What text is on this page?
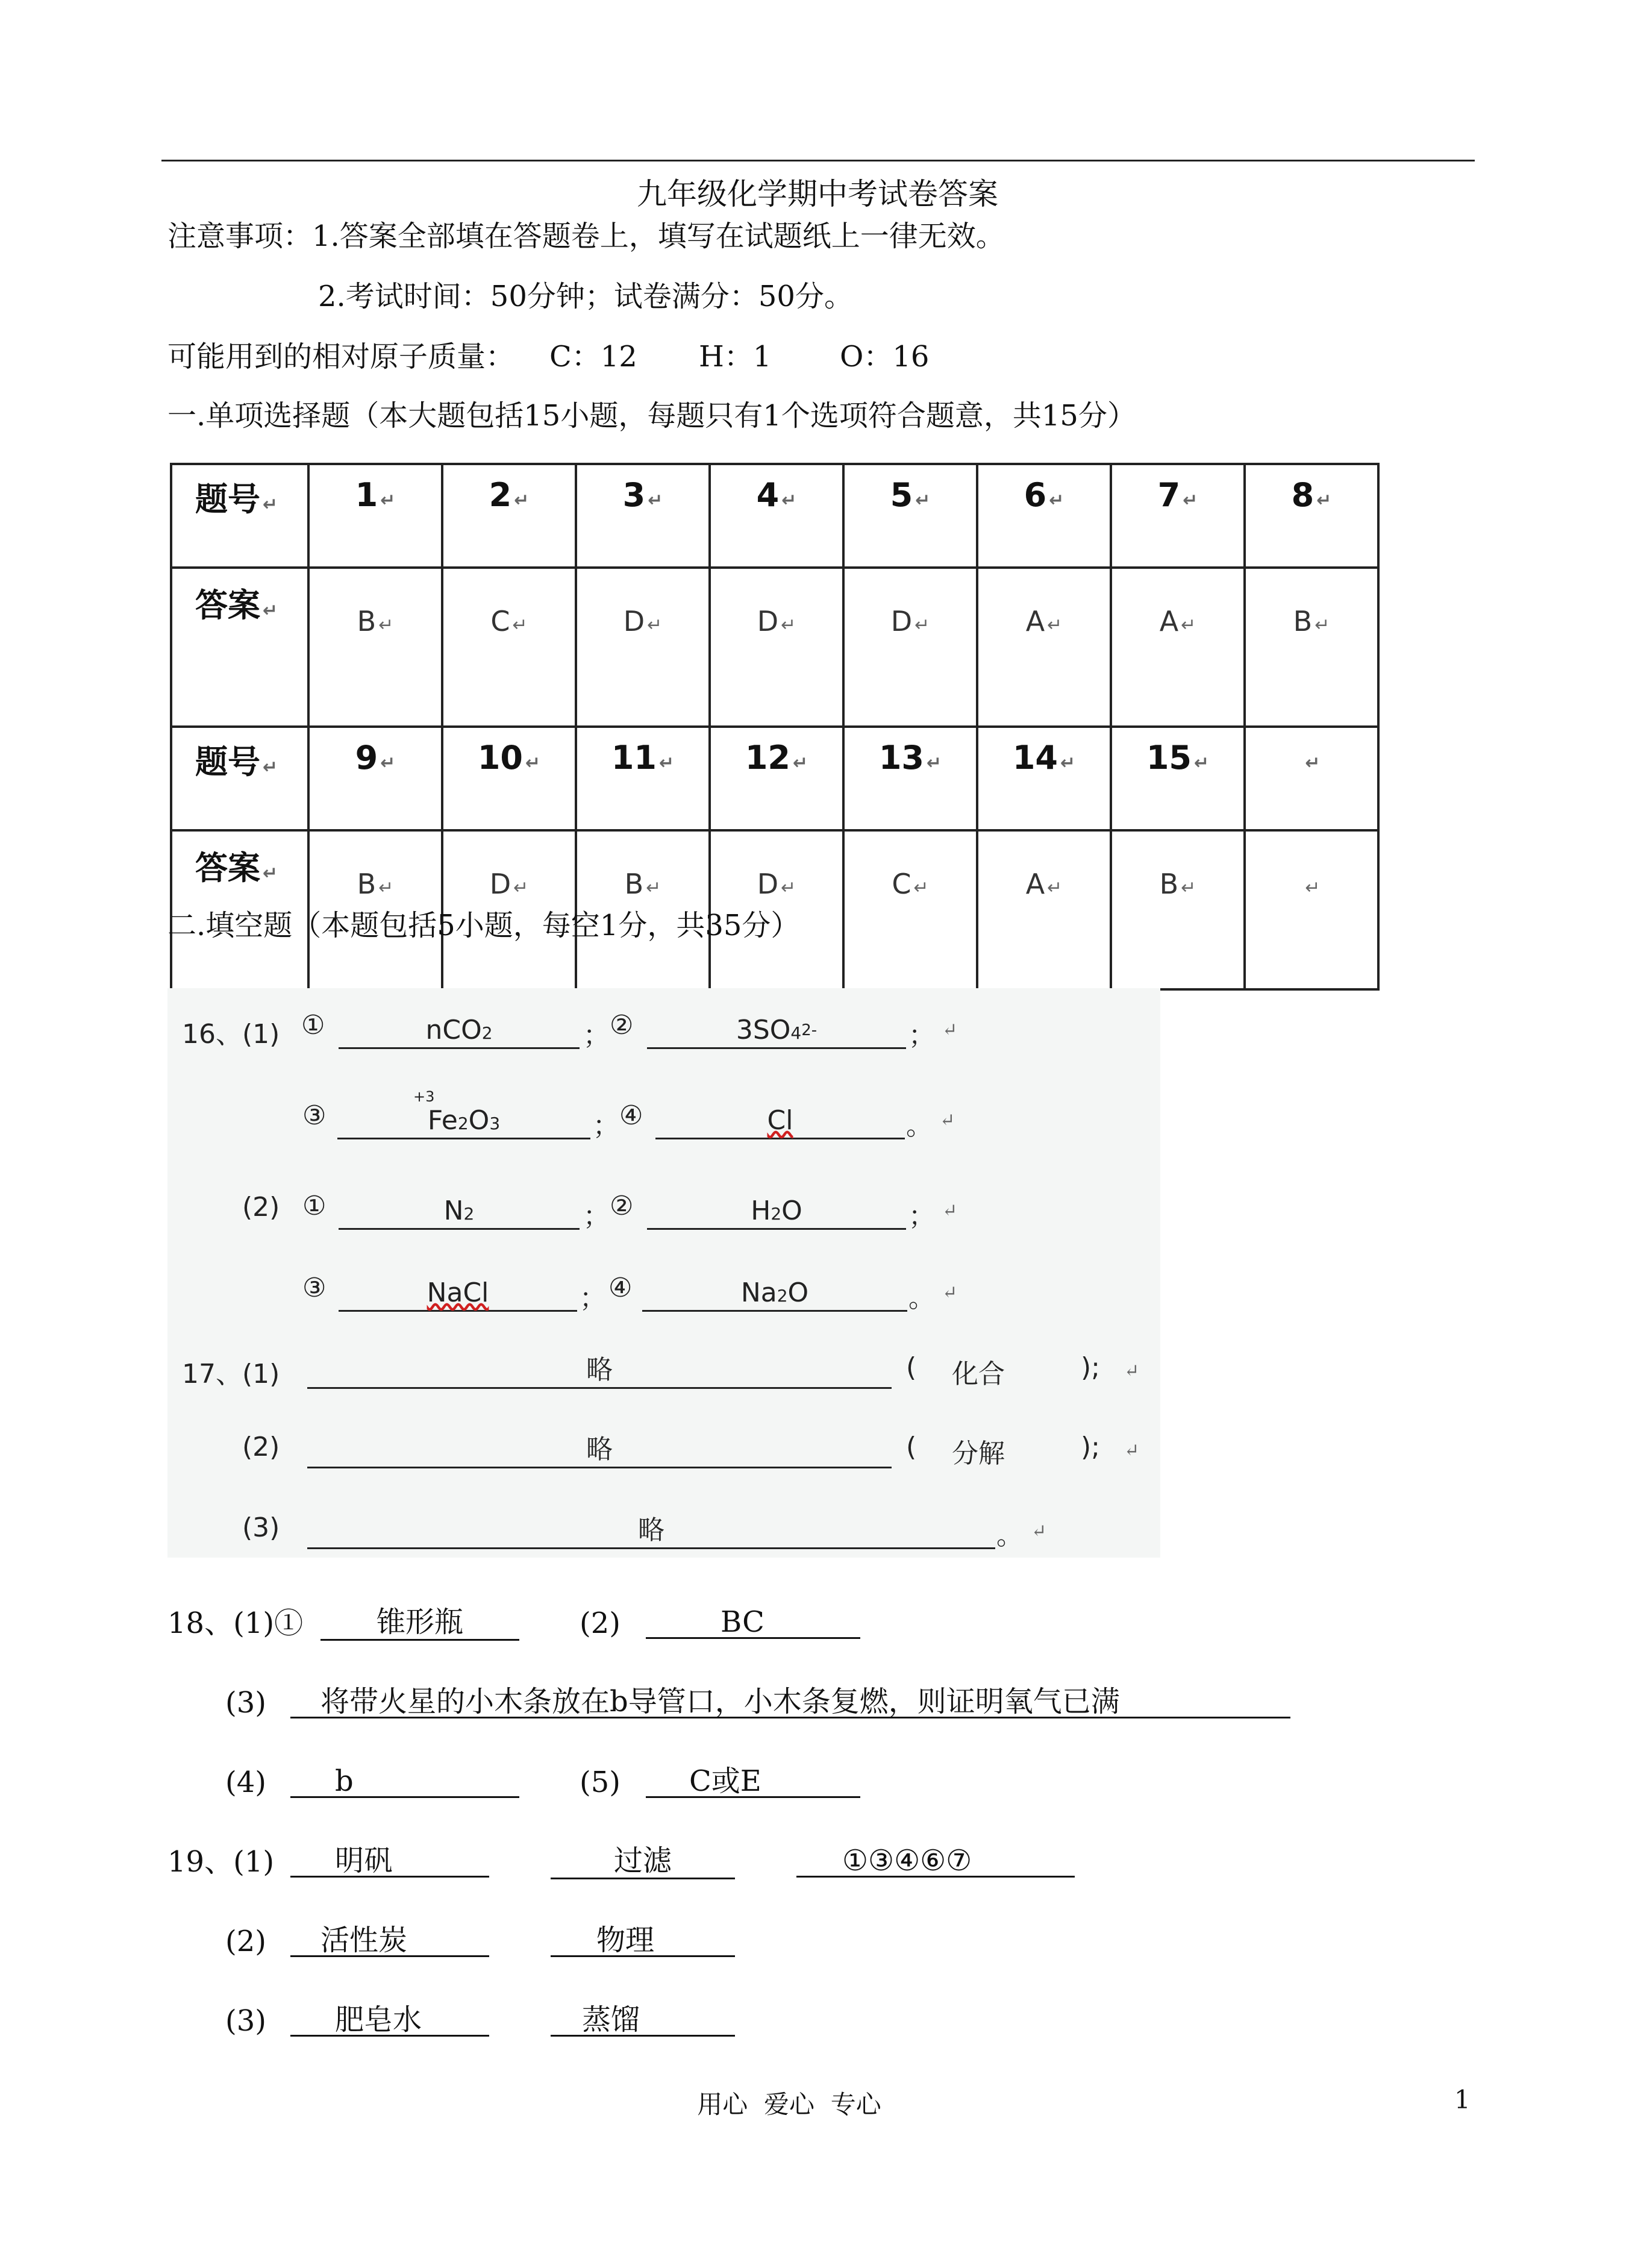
九年级化学期中考试卷答案
注意事项： 1.答案全部填在答题卷上，填写在试题纸上一律无效。
2.考试时间：50分钟；试卷满分：50分。
可能用到的相对原子质量： C：12 H：1 O：16
一.单项选择题（本大题包括15小题，每题只有1个选项符合题意，共15分）
题号 ↵	1 ↵	2 ↵	3 ↵	4 ↵	5 ↵	6 ↵	7 ↵	8 ↵
答案 ↵	B ↵	C ↵	D ↵	D ↵	D ↵	A ↵	A ↵	B ↵
题号 ↵	9 ↵	10 ↵	11 ↵	12 ↵	13 ↵	14 ↵	15 ↵	↵
答案 ↵	B ↵	D ↵	B ↵	D ↵	C ↵	A ↵	B ↵	↵
二.填空题（本题包括5小题，每空1分，共35分）
16、(1) ①	nCO2	； ②	$3SO4^{2-}$	； ↵
③
+3
Fe2O3	； ④	Cl	。 ↵
(2) ①	N2	； ②	H2O	； ↵
③	NaCl	； ④	Na2O	。 ↵
17、(1)	略	( 化合	); ↵
(2)	略	( 分解	); ↵
(3)	略	。 ↵
18、(1)①	锥形瓶	(2)	BC
(3)	将带火星的小木条放在b导管口，小木条复燃，则证明氧气已满
(4)	b	(5)	C或E
19、(1)	明矾	过滤	①③④⑥⑦
(2)	活性炭	物理
(3)	肥皂水	蒸馏
用心  爱心  专心	1
